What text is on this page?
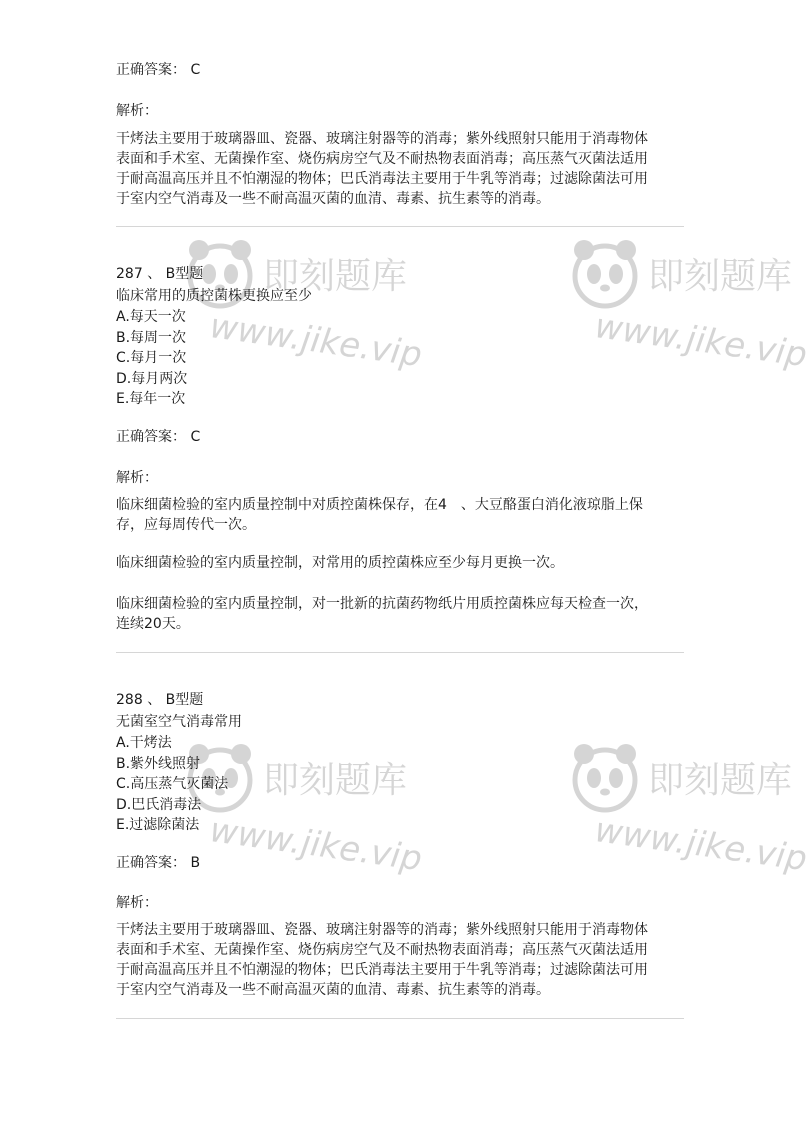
正确答案： C

解析：

干烤法主要用于玻璃器皿、瓷器、玻璃注射器等的消毒；紫外线照射只能用于消毒物体
表面和手术室、无菌操作室、烧伤病房空气及不耐热物表面消毒；高压蒸气灭菌法适用
于耐高温高压并且不怕潮湿的物体；巴氏消毒法主要用于牛乳等消毒；过滤除菌法可用
于室内空气消毒及一些不耐高温灭菌的血清、毒素、抗生素等的消毒。

287 、 B型题

临床常用的质控菌株更换应至少

A.每天一次
B.每周一次
C.每月一次
D.每月两次
E.每年一次

正确答案： C

解析：

临床细菌检验的室内质量控制中对质控菌株保存，在4　、大豆酪蛋白消化液琼脂上保
存，应每周传代一次。
临床细菌检验的室内质量控制，对常用的质控菌株应至少每月更换一次。
临床细菌检验的室内质量控制，对一批新的抗菌药物纸片用质控菌株应每天检查一次，
连续20天。

288 、 B型题

无菌室空气消毒常用

A.干烤法
B.紫外线照射
C.高压蒸气灭菌法
D.巴氏消毒法
E.过滤除菌法

正确答案： B

解析：

干烤法主要用于玻璃器皿、瓷器、玻璃注射器等的消毒；紫外线照射只能用于消毒物体
表面和手术室、无菌操作室、烧伤病房空气及不耐热物表面消毒；高压蒸气灭菌法适用
于耐高温高压并且不怕潮湿的物体；巴氏消毒法主要用于牛乳等消毒；过滤除菌法可用
于室内空气消毒及一些不耐高温灭菌的血清、毒素、抗生素等的消毒。
即刻题库
www.jike.vip
即刻题库
www.jike.vip
即刻题库
www.jike.vip
即刻题库
www.jike.vip
